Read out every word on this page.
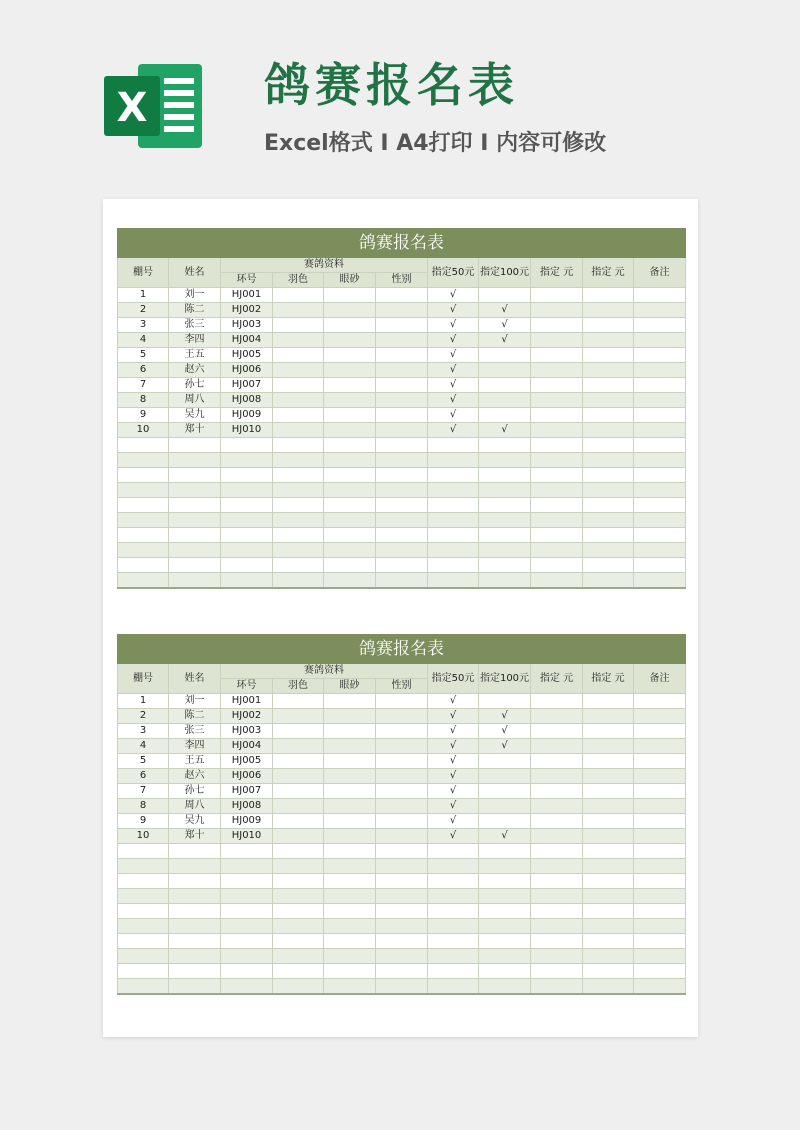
X	鸽赛报名表
Excel格式 I A4打印 I 内容可修改
鸽赛报名表										
棚号	姓名	赛鸽资料				指定50元	指定100元	指定 元	指定 元	备注
		环号	羽色	眼砂	性别					
1	刘一	HJ001				√				
2	陈二	HJ002				√	√			
3	张三	HJ003				√	√			
4	李四	HJ004				√	√			
5	王五	HJ005				√				
6	赵六	HJ006				√				
7	孙七	HJ007				√				
8	周八	HJ008				√				
9	吴九	HJ009				√				
10	郑十	HJ010				√	√			

鸽赛报名表										
棚号	姓名	赛鸽资料				指定50元	指定100元	指定 元	指定 元	备注
		环号	羽色	眼砂	性别					
1	刘一	HJ001				√				
2	陈二	HJ002				√	√			
3	张三	HJ003				√	√			
4	李四	HJ004				√	√			
5	王五	HJ005				√				
6	赵六	HJ006				√				
7	孙七	HJ007				√				
8	周八	HJ008				√				
9	吴九	HJ009				√				
10	郑十	HJ010				√	√			
